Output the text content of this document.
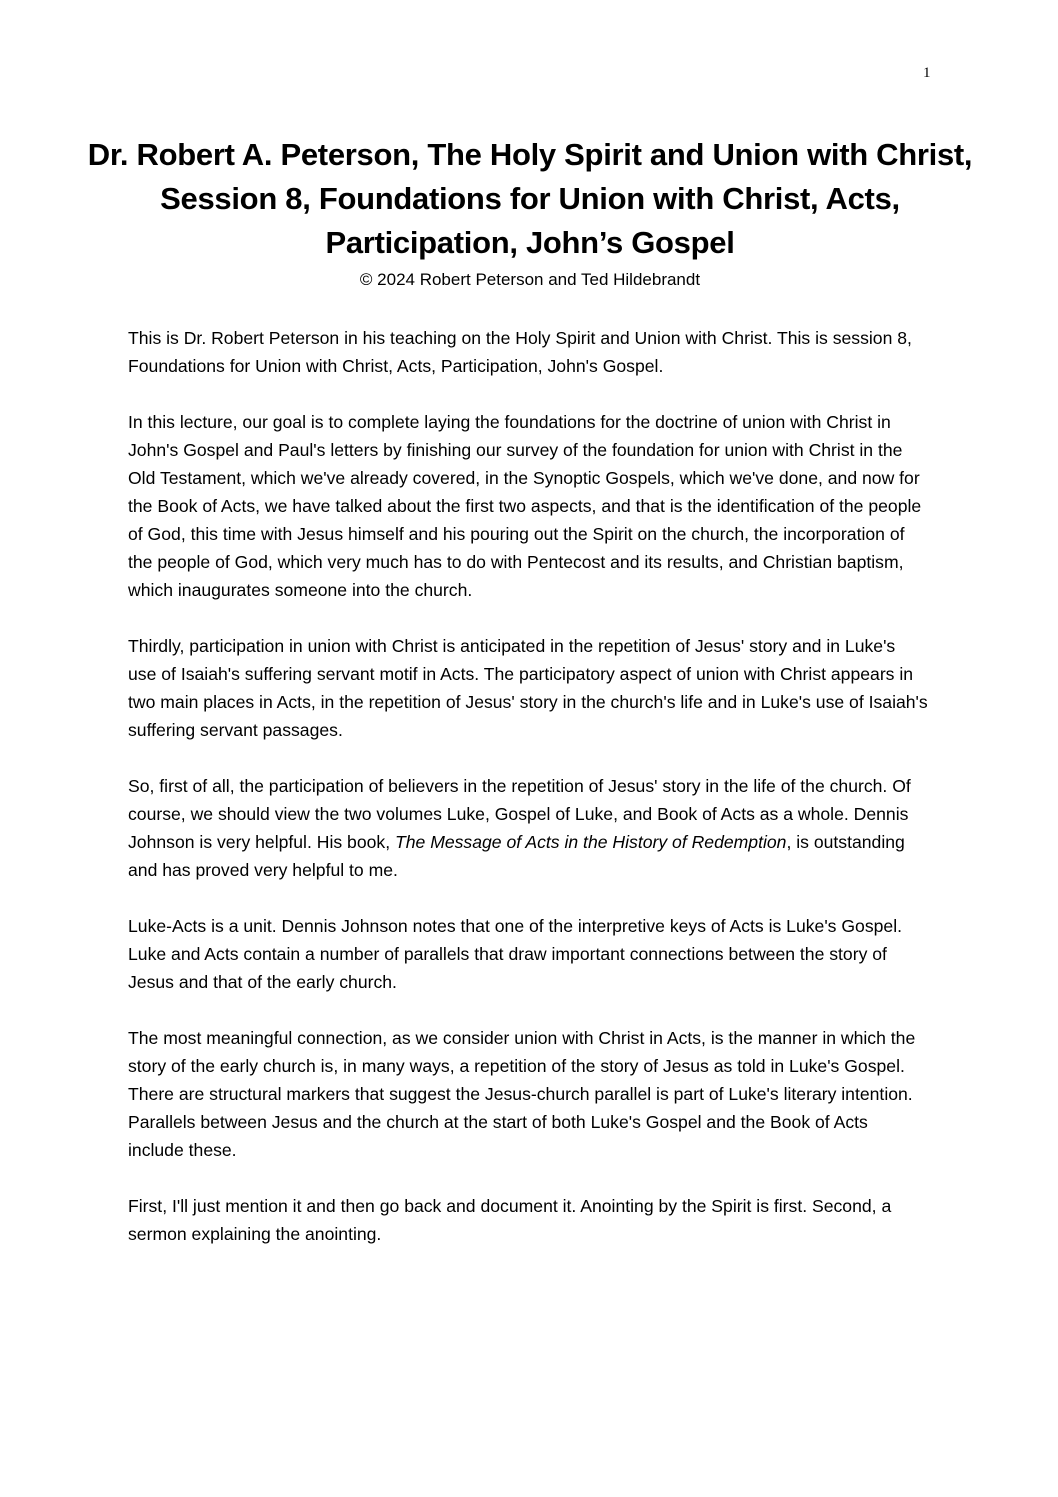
1
Dr. Robert A. Peterson, The Holy Spirit and Union with Christ, Session 8, Foundations for Union with Christ, Acts, Participation, John’s Gospel
© 2024 Robert Peterson and Ted Hildebrandt

This is Dr. Robert Peterson in his teaching on the Holy Spirit and Union with Christ. This is session 8, Foundations for Union with Christ, Acts, Participation, John's Gospel.

In this lecture, our goal is to complete laying the foundations for the doctrine of union with Christ in John's Gospel and Paul's letters by finishing our survey of the foundation for union with Christ in the Old Testament, which we've already covered, in the Synoptic Gospels, which we've done, and now for the Book of Acts, we have talked about the first two aspects, and that is the identification of the people of God, this time with Jesus himself and his pouring out the Spirit on the church, the incorporation of the people of God, which very much has to do with Pentecost and its results, and Christian baptism, which inaugurates someone into the church.

Thirdly, participation in union with Christ is anticipated in the repetition of Jesus' story and in Luke's use of Isaiah's suffering servant motif in Acts. The participatory aspect of union with Christ appears in two main places in Acts, in the repetition of Jesus' story in the church's life and in Luke's use of Isaiah's suffering servant passages.

So, first of all, the participation of believers in the repetition of Jesus' story in the life of the church. Of course, we should view the two volumes Luke, Gospel of Luke, and Book of Acts as a whole. Dennis Johnson is very helpful. His book, The Message of Acts in the History of Redemption, is outstanding and has proved very helpful to me.

Luke-Acts is a unit. Dennis Johnson notes that one of the interpretive keys of Acts is Luke's Gospel. Luke and Acts contain a number of parallels that draw important connections between the story of Jesus and that of the early church.

The most meaningful connection, as we consider union with Christ in Acts, is the manner in which the story of the early church is, in many ways, a repetition of the story of Jesus as told in Luke's Gospel. There are structural markers that suggest the Jesus-church parallel is part of Luke's literary intention. Parallels between Jesus and the church at the start of both Luke's Gospel and the Book of Acts include these.

First, I'll just mention it and then go back and document it. Anointing by the Spirit is first. Second, a sermon explaining the anointing.
